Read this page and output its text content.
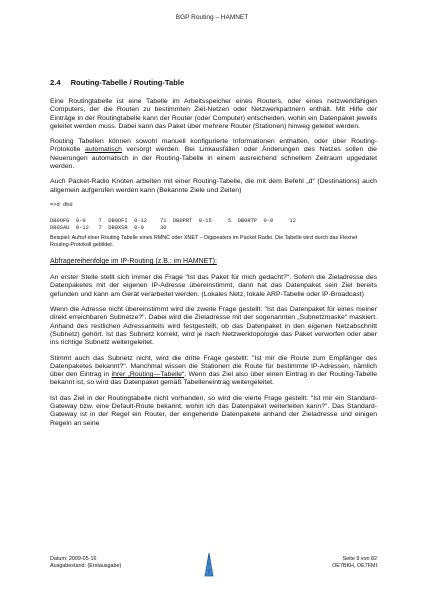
BGP Routing – HAMNET
2.4 Routing-Tabelle / Routing-Table

Eine Routingtabelle ist eine Tabelle im Arbeitsspeicher eines Routers, oder eines netzwerkfähigen Computers, der die Routen zu bestimmten Ziel-Netzen oder Netzwerkpartnern enthält. Mit Hilfe der Einträge in der Routingtabelle kann der Router (oder Computer) entscheiden, wohin ein Datenpaket jeweils geleitet werden muss. Dabei kann das Paket über mehrere Router (Stationen) hinweg geleitet werden.

Routing Tabellen können sowohl manuell konfigurierte Informationen enthalten, oder über Routing-Protokolle automatisch versorgt werden. Bei Linkausfällen oder Änderungen des Netzes sollen die Neuerungen automatisch in der Routing-Tabelle in einem ausreichend schnellem Zeitraum upgedatet werden.

Auch Packet-Radio Knoten arbeiten mit einer Routing-Tabelle, die mit dem Befehl „d“ (Destinations) auch allgemein aufgerufen werden kann (Bekannte Ziele und Zeiten)

=>d db0
DB0OFG  0-0    7  DB0OFI  0-12    71  DB0PRT  0-15     5  DB0RTP  0-0     12
DB0SAU  0-12   7  DB0XSR  0-0     30

Beispiel: Aufruf einer Routing Tabelle eines RMNC oder XNET – Digipeaters im Packet Radio. Die Tabelle wird durch das Flexnet Routing-Protokoll gebildet.

Abfragereihenfolge im IP-Routing (z.B.: im HAMNET):

An erster Stelle stellt sich immer die Frage "Ist das Paket für mich gedacht?". Sofern die Zieladresse des Datenpaketes mit der eigenen IP-Adresse übereinstimmt, dann hat das Datenpaket sein Ziel bereits gefunden und kann am Gerät verarbeitet werden. (Lokales Netz, lokale ARP-Tabelle oder IP-Broadcast)

Wenn die Adresse nicht übereinstimmt wird die zweite Frage gestellt: "Ist das Datenpaket für eines meiner direkt erreichbaren Subnetze?". Dabei wird die Zieladresse mit der sogenannten „Subnetzmaske“ maskiert. Anhand des restlichen Adressanteils wird festgestellt, ob das Datenpaket in den eigenen Netzabschnitt (Subnetz) gehört. Ist das Subnetz korrekt, wird je nach Netzwerktopologie das Paket verworfen oder aber ins richtige Subnetz weitergeleitet.

Stimmt auch das Subnetz nicht, wird die dritte Frage gestellt: "Ist mir die Route zum Empfänger des Datenpaketes bekannt?". Manchmal wissen die Stationen die Route für bestimmte IP-Adressen, nämlich über den Eintrag in ihrer „Routing—Tabelle“. Wenn das Ziel also über einen Eintrag in der Routing-Tabelle bekannt ist, so wird das Datenpaket gemäß Tabelleneintrag weitergeleitet.

Ist das Ziel in der Routingtabelle nicht vorhanden, so wird die vierte Frage gestellt: "Ist mir ein Standard-Gateway bzw. eine Default-Route bekannt, wohin ich das Datenpaket weiterleiten kann?". Das Standard-Gateway ist in der Regel ein Router, der eingehende Datenpakete anhand der Zieladresse und einigen Regeln an seine

Datum: 2009-05-16
Ausgabestand: (Erstausgabe)
Seite 9 von 82
OE7BKH, OE7FMI
